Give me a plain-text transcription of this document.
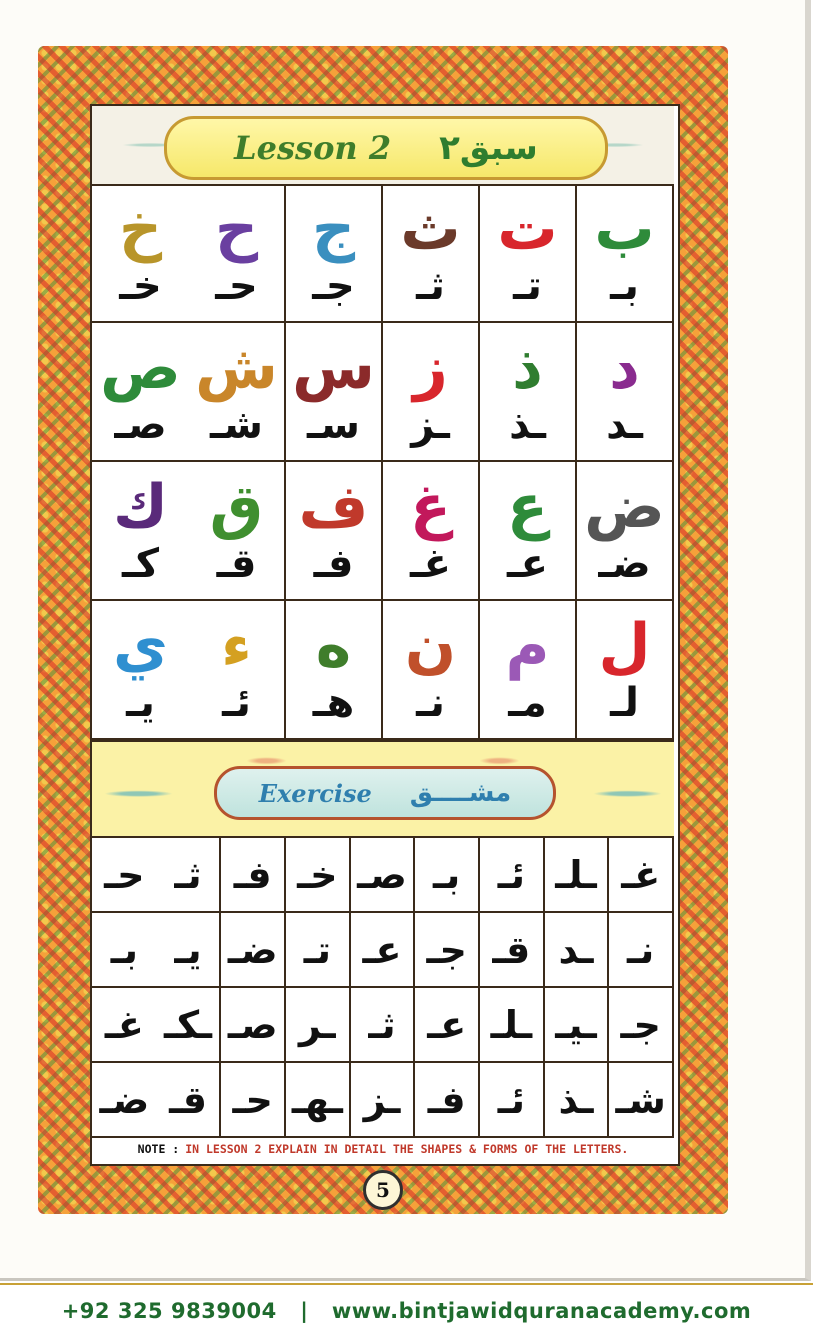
Lesson 2 سبق٢
ب
بـ
ت
تـ
ث
ثـ
ج
جـ
ح
حـ
خ
خـ
د
ـد
ذ
ـذ
ز
ـز
س
سـ
ش
شـ
ص
صـ
ض
ضـ
ع
عـ
غ
غـ
ف
فـ
ق
قـ
ك
كـ
ل
لـ
م
مـ
ن
نـ
ه
هـ
ء
ئـ
ي
يـ
Exercise مشــــق
غـ
ـلـ
ئـ
بـ
صـ
خـ
فـ
ثـ
حـ
نـ
ـد
قـ
جـ
عـ
تـ
ضـ
يـ
بـ
جـ
ـيـ
ـلـ
عـ
ثـ
ـر
صـ
ـكـ
غـ
شـ
ـذ
ئـ
فـ
ـز
ـهـ
حـ
قـ
ضـ
NOTE : IN LESSON 2 EXPLAIN IN DETAIL THE SHAPES & FORMS OF THE LETTERS.
5
+92 325 9839004	|	www.bintjawidquranacademy.com
